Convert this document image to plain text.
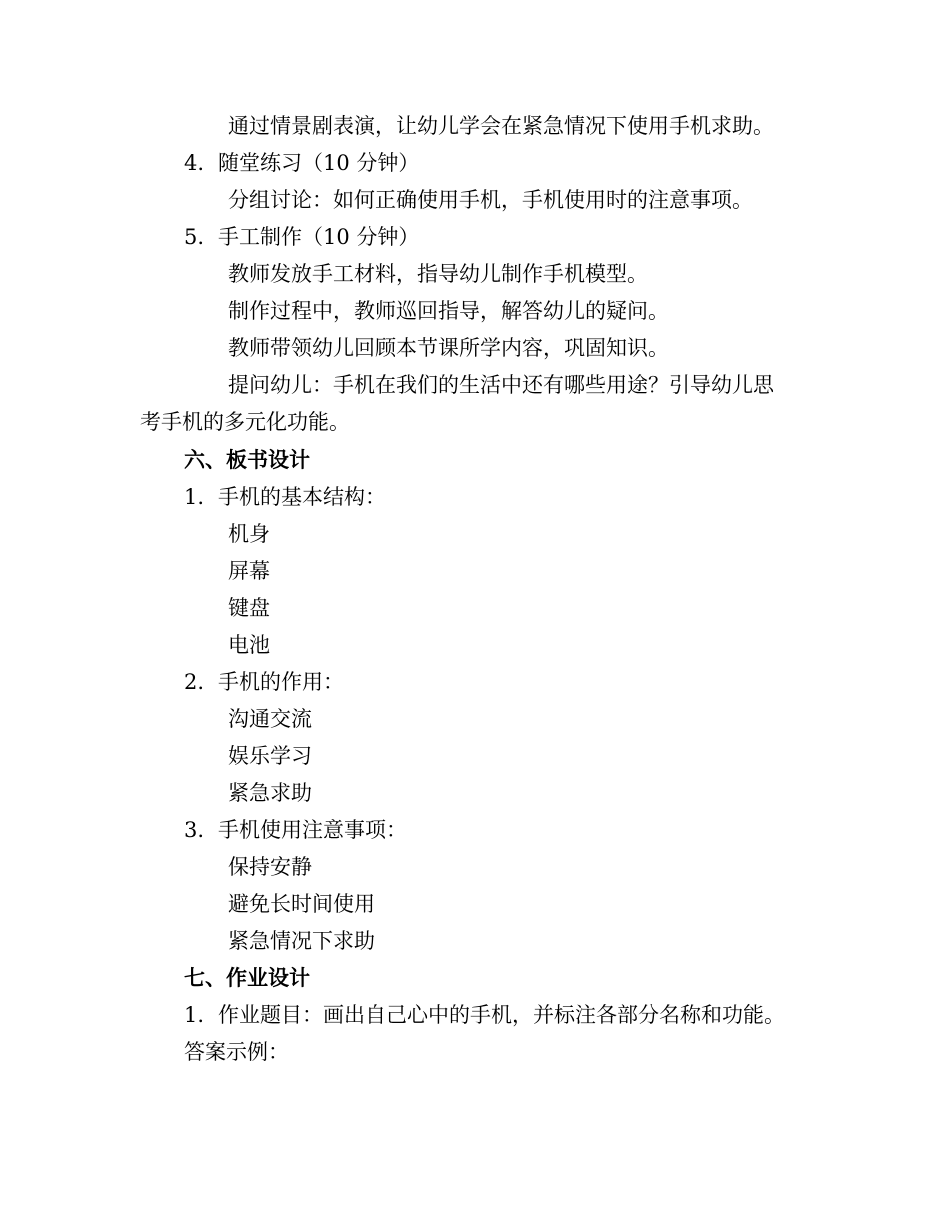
通过情景剧表演，让幼儿学会在紧急情况下使用手机求助。
4. 随堂练习（10 分钟）
分组讨论：如何正确使用手机，手机使用时的注意事项。
5. 手工制作（10 分钟）
教师发放手工材料，指导幼儿制作手机模型。
制作过程中，教师巡回指导，解答幼儿的疑问。
教师带领幼儿回顾本节课所学内容，巩固知识。
提问幼儿：手机在我们的生活中还有哪些用途？引导幼儿思
考手机的多元化功能。
六、板书设计
1. 手机的基本结构：
机身
屏幕
键盘
电池
2. 手机的作用：
沟通交流
娱乐学习
紧急求助
3. 手机使用注意事项：
保持安静
避免长时间使用
紧急情况下求助
七、作业设计
1. 作业题目：画出自己心中的手机，并标注各部分名称和功能。
答案示例：
